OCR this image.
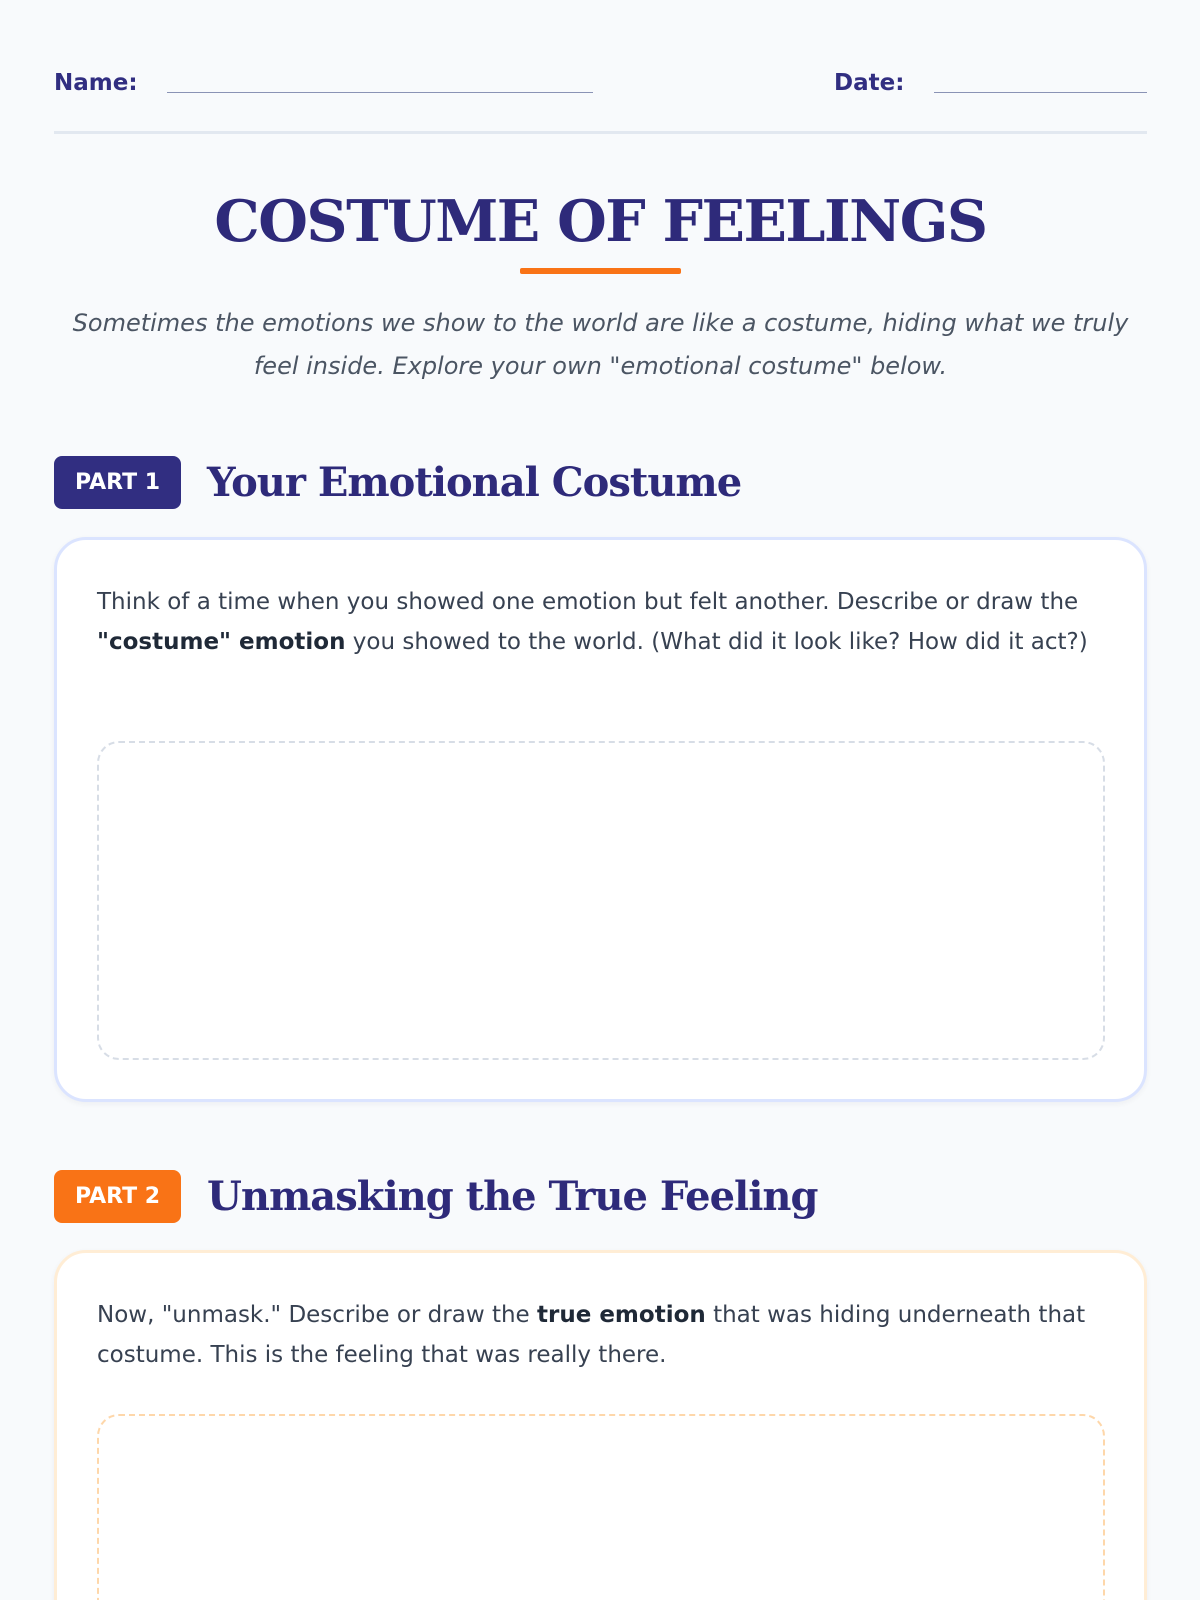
Name:	Date:
COSTUME OF FEELINGS

Sometimes the emotions we show to the world are like a costume, hiding what we truly feel inside. Explore your own "emotional costume" below.

PART 1	Your Emotional Costume

Think of a time when you showed one emotion but felt another. Describe or draw the "costume" emotion you showed to the world. (What did it look like? How did it act?)

PART 2	Unmasking the True Feeling

Now, "unmask." Describe or draw the true emotion that was hiding underneath that costume. This is the feeling that was really there.
